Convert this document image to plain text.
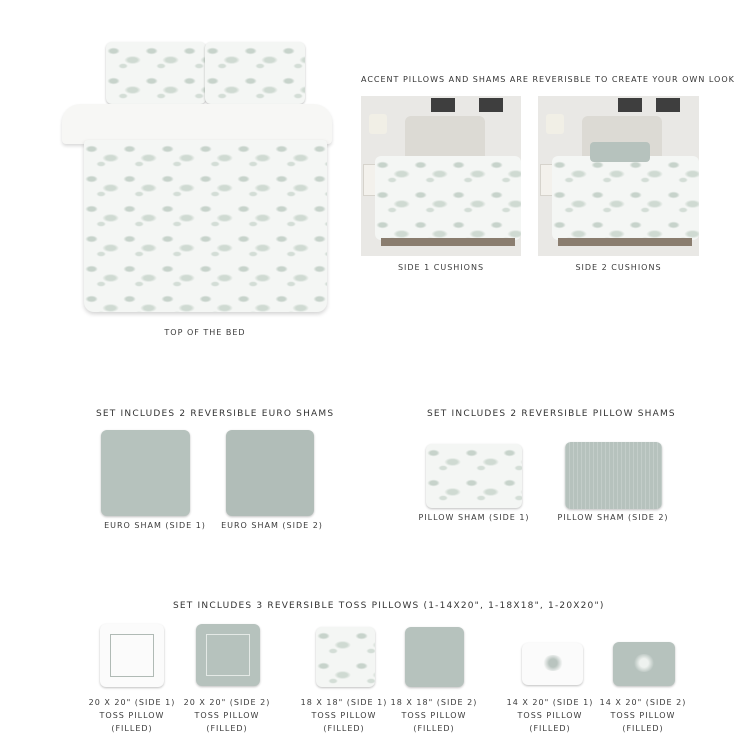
TOP OF THE BED
ACCENT PILLOWS AND SHAMS ARE REVERISBLE TO CREATE YOUR OWN LOOK
SIDE 1 CUSHIONS	SIDE 2 CUSHIONS
SET INCLUDES 2 REVERSIBLE EURO SHAMS
EURO SHAM (SIDE 1)	EURO SHAM (SIDE 2)
SET INCLUDES 2 REVERSIBLE PILLOW SHAMS
PILLOW SHAM (SIDE 1)	PILLOW SHAM (SIDE 2)
SET INCLUDES 3 REVERSIBLE TOSS PILLOWS (1-14X20", 1-18X18", 1-20X20")
20 X 20" (SIDE 1)
TOSS PILLOW
(FILLED)
20 X 20" (SIDE 2)
TOSS PILLOW
(FILLED)
18 X 18" (SIDE 1)
TOSS PILLOW
(FILLED)
18 X 18" (SIDE 2)
TOSS PILLOW
(FILLED)
14 X 20" (SIDE 1)
TOSS PILLOW
(FILLED)
14 X 20" (SIDE 2)
TOSS PILLOW
(FILLED)
